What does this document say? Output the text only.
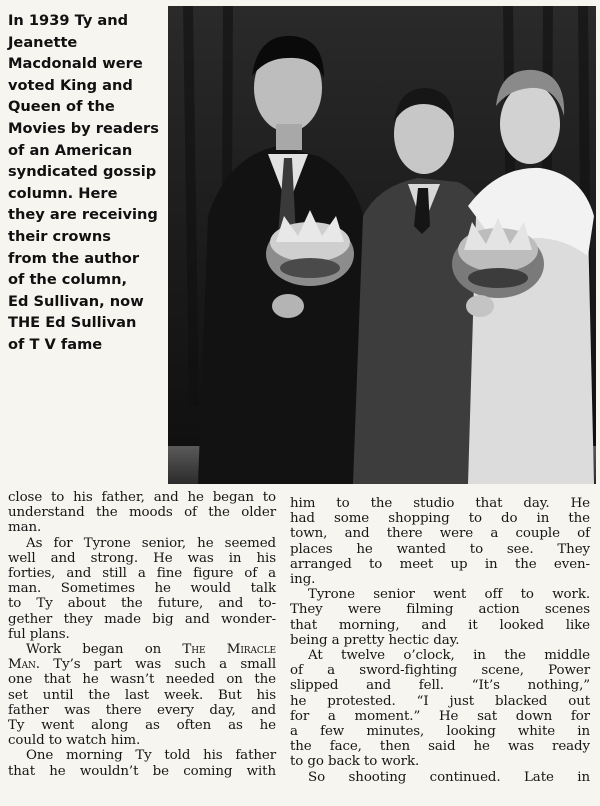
In 1939 Ty and
Jeanette
Macdonald were
voted King and
Queen of the
Movies by readers
of an American
syndicated gossip
column. Here
they are receiving
their crowns
from the author
of the column,
Ed Sullivan, now
THE Ed Sullivan
of T V fame
close to his father, and he began to
understand the moods of the older
man.
As for Tyrone senior, he seemed
well and strong. He was in his
forties, and still a fine figure of a
man. Sometimes he would talk
to Ty about the future, and to-
gether they made big and wonder-
ful plans.
Work began on The Miracle
Man. Ty’s part was such a small
one that he wasn’t needed on the
set until the last week. But his
father was there every day, and
Ty went along as often as he
could to watch him.
One morning Ty told his father
that he wouldn’t be coming with
him to the studio that day. He
had some shopping to do in the
town, and there were a couple of
places he wanted to see. They
arranged to meet up in the even-
ing.
Tyrone senior went off to work.
They were filming action scenes
that morning, and it looked like
being a pretty hectic day.
At twelve o’clock, in the middle
of a sword-fighting scene, Power
slipped and fell. “It’s nothing,”
he protested. “I just blacked out
for a moment.” He sat down for
a few minutes, looking white in
the face, then said he was ready
to go back to work.
So shooting continued. Late in
